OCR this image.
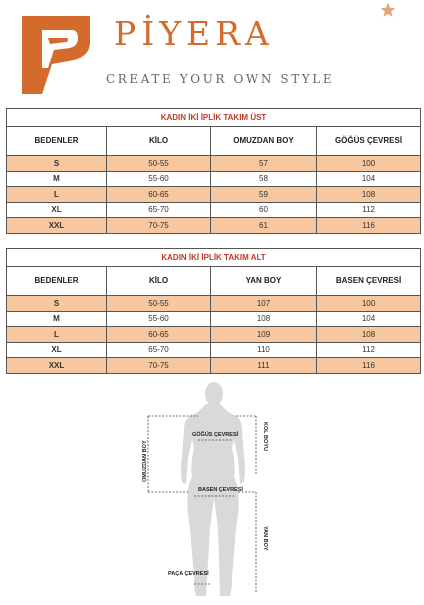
PİYERA
CREATE YOUR OWN STYLE
KADIN İKİ İPLİK TAKIM ÜST			
BEDENLER	KİLO	OMUZDAN BOY	GÖĞÜS ÇEVRESİ
S	50-55	57	100
M	55-60	58	104
L	60-65	59	108
XL	65-70	60	112
XXL	70-75	61	116
KADIN İKİ İPLİK TAKIM ALT			
BEDENLER	KİLO	YAN BOY	BASEN ÇEVRESİ
S	50-55	107	100
M	55-60	108	104
L	60-65	109	108
XL	65-70	110	112
XXL	70-75	111	116
GÖĞÜS ÇEVRESİ
BASEN ÇEVRESİ
PAÇA ÇEVRESİ
OMUZDAN BOY
KOL BOYU
YAN BOY
